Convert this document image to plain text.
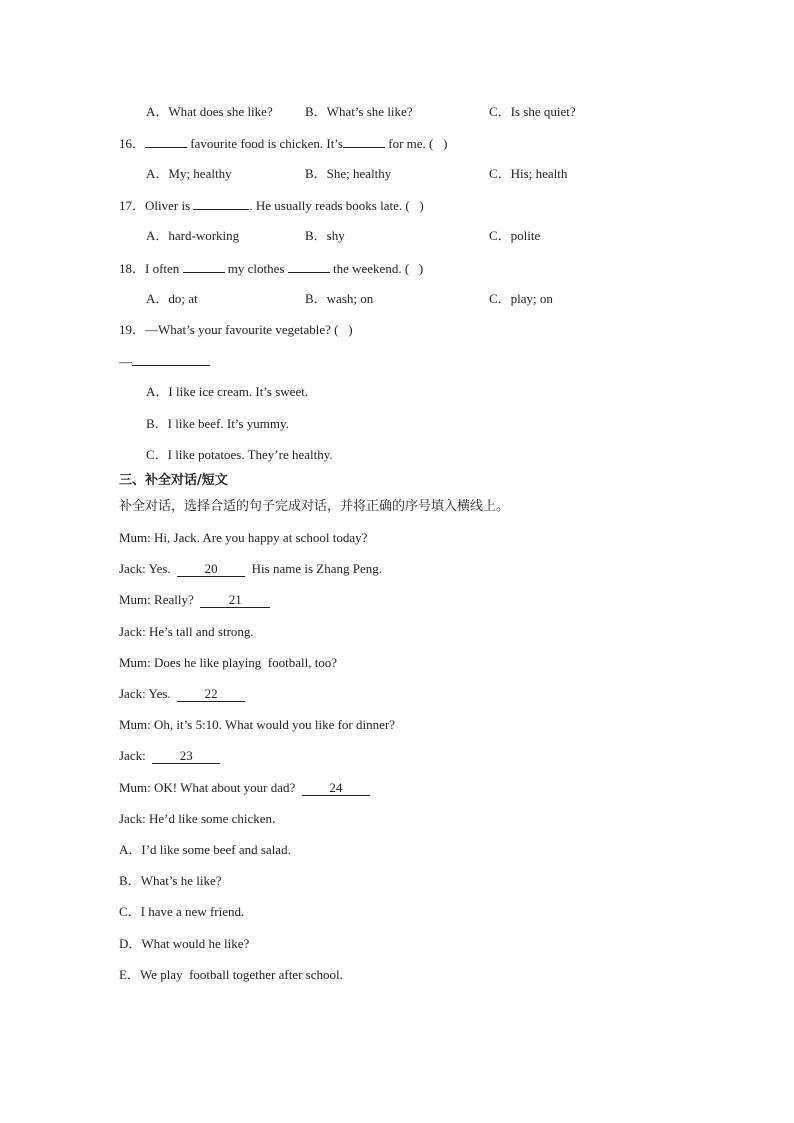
A．What does she like? B．What’s she like?	C．Is she quiet?
16．	favourite food is chicken. It’s	for me. (   )
A．My; healthy	B．She; healthy	C．His; health
17．Oliver is	. He usually reads books late. (   )
A．hard-working	B．shy	C．polite
18．I often	my clothes	the weekend. (   )
A．do; at	B．wash; on	C．play; on
19．—What’s your favourite vegetable? (   )
—
A．I like ice cream. It’s sweet.
B．I like beef. It’s yummy.
C．I like potatoes. They’re healthy.
三、补全对话/短文
补全对话，选择合适的句子完成对话，并将正确的序号填入横线上。
Mum: Hi, Jack. Are you happy at school today?
Jack: Yes.	20	His name is Zhang Peng.
Mum: Really?	21
Jack: He’s tall and strong.
Mum: Does he like playing  football, too?
Jack: Yes.	22
Mum: Oh, it’s 5:10. What would you like for dinner?
Jack:	23
Mum: OK! What about your dad?	24
Jack: He’d like some chicken.
A．I’d like some beef and salad.
B．What’s he like?
C．I have a new friend.
D．What would he like?
E．We play  football together after school.
